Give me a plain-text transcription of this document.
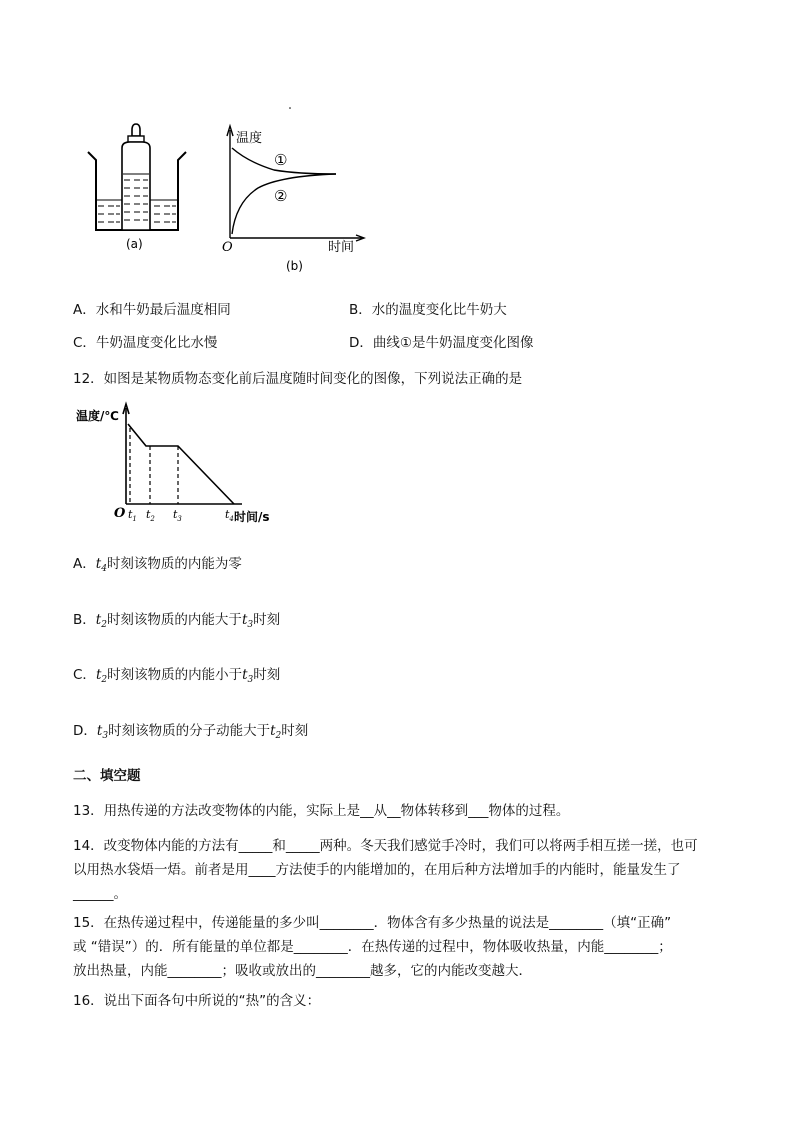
(a)
温度
①
②
O	时间
(b)
A．水和牛奶最后温度相同	B．水的温度变化比牛奶大
C．牛奶温度变化比水慢	D．曲线①是牛奶温度变化图像
12．如图是某物质物态变化前后温度随时间变化的图像，下列说法正确的是
温度/℃
O $t_1$ $t_2$ $t_3$	$t_4$ 时间/s
A．$t_4$时刻该物质的内能为零
B．$t_2$时刻该物质的内能大于$t_3$时刻
C．$t_2$时刻该物质的内能小于$t_3$时刻
D．$t_3$时刻该物质的分子动能大于$t_2$时刻
二、填空题
13．用热传递的方法改变物体的内能，实际上是__从__物体转移到___物体的过程。
14．改变物体内能的方法有_____和_____两种。冬天我们感觉手冷时，我们可以将两手相互搓一搓，也可
以用热水袋焐一焐。前者是用____方法使手的内能增加的，在用后种方法增加手的内能时，能量发生了
______。
15．在热传递过程中，传递能量的多少叫________．物体含有多少热量的说法是________（填“正确”
或 “错误”）的．所有能量的单位都是________．在热传递的过程中，物体吸收热量，内能________；
放出热量，内能________；吸收或放出的________越多，它的内能改变越大．
16．说出下面各句中所说的“热”的含义：
